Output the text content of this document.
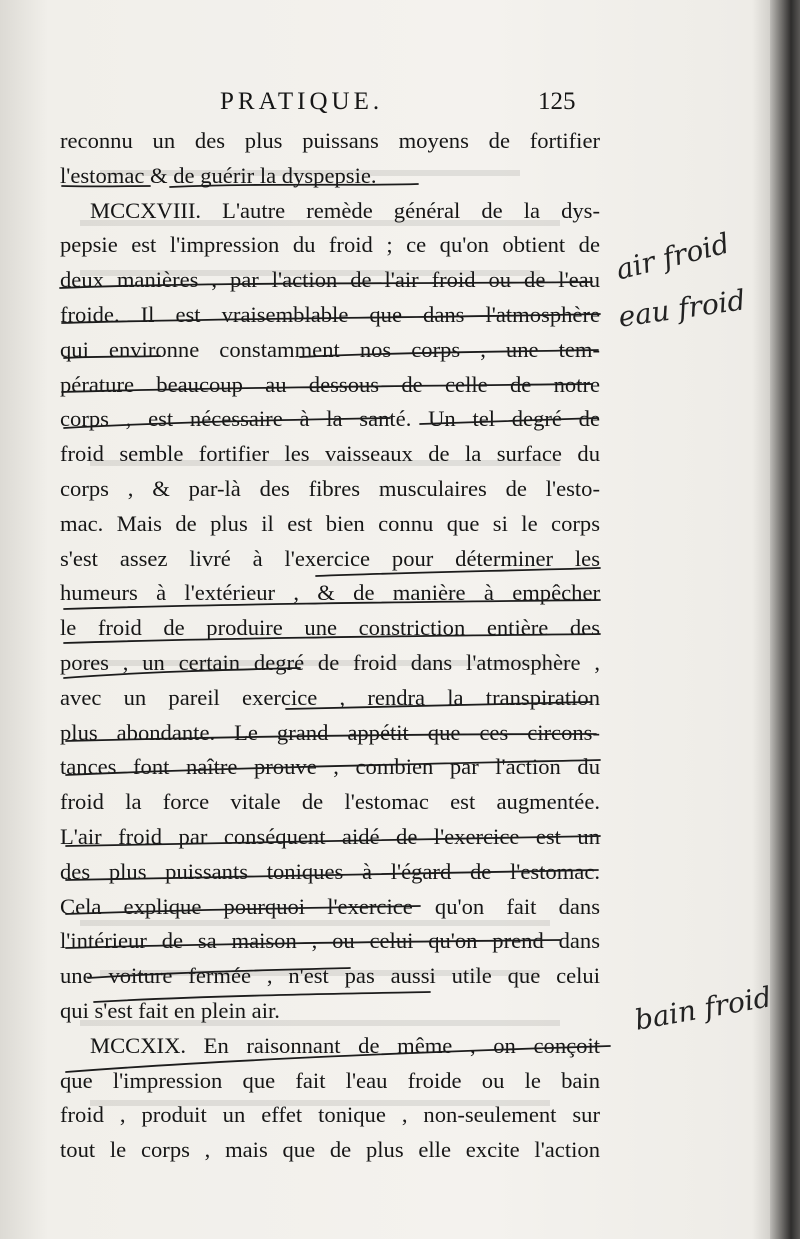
PRATIQUE.	125
reconnu un des plus puissans moyens de fortifier
l'estomac & de guérir la dyspepsie.
MCCXVIII. L'autre remède général de la dys-
pepsie est l'impression du froid ; ce qu'on obtient de
deux manières , par l'action de l'air froid ou de l'eau
froide. Il est vraisemblable que dans l'atmosphère
qui environne constamment nos corps , une tem-
pérature beaucoup au dessous de celle de notre
corps , est nécessaire à la santé. Un tel degré de
froid semble fortifier les vaisseaux de la surface du
corps , & par-là des fibres musculaires de l'esto-
mac. Mais de plus il est bien connu que si le corps
s'est assez livré à l'exercice pour déterminer les
humeurs à l'extérieur , & de manière à empêcher
le froid de produire une constriction entière des
pores , un certain degré de froid dans l'atmosphère ,
avec un pareil exercice , rendra la transpiration
plus abondante. Le grand appétit que ces circons-
tances font naître prouve , combien par l'action du
froid la force vitale de l'estomac est augmentée.
L'air froid par conséquent aidé de l'exercice est un
des plus puissants toniques à l'égard de l'estomac.
Cela explique pourquoi l'exercice qu'on fait dans
l'intérieur de sa maison , ou celui qu'on prend dans
une voiture fermée , n'est pas aussi utile que celui
qui s'est fait en plein air.
MCCXIX. En raisonnant de même , on conçoit
que l'impression que fait l'eau froide ou le bain
froid , produit un effet tonique , non-seulement sur
tout le corps , mais que de plus elle excite l'action
air froid
eau froid
bain froid
